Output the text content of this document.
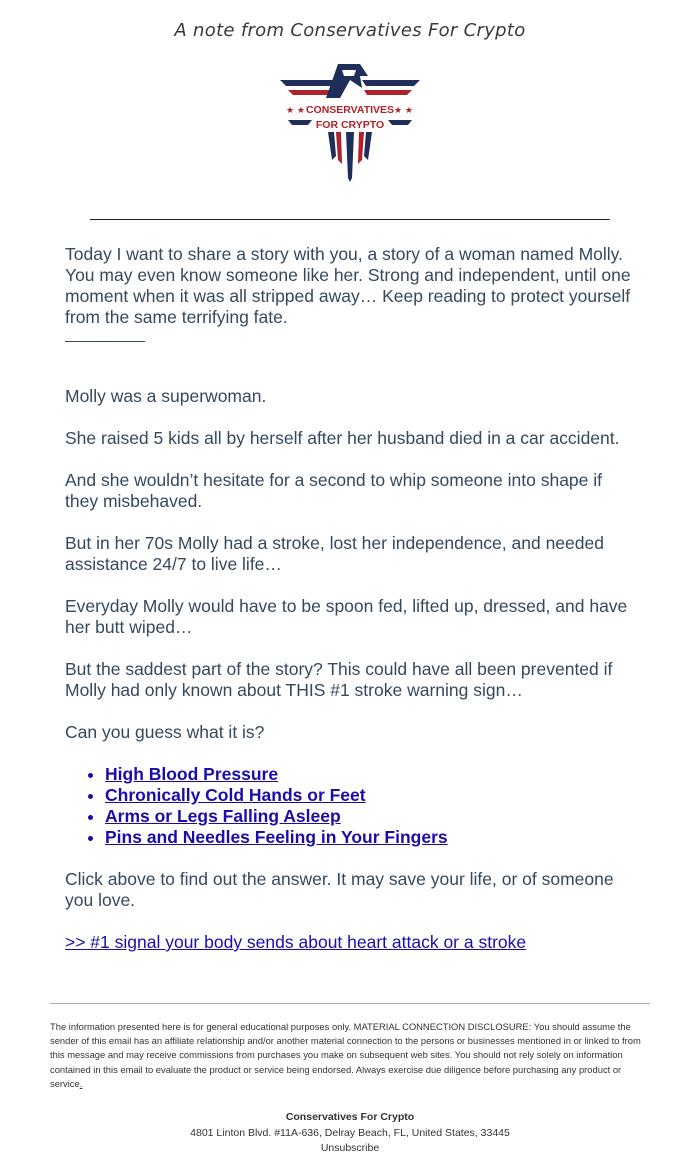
A note from Conservatives For Crypto
★ ★	★ ★
CONSERVATIVES
FOR CRYPTO

Today I want to share a story with you, a story of a woman named Molly. You may even know someone like her. Strong and independent, until one moment when it was all stripped away… Keep reading to protect yourself from the same terrifying fate.

Molly was a superwoman.

She raised 5 kids all by herself after her husband died in a car accident.

And she wouldn’t hesitate for a second to whip someone into shape if they misbehaved.

But in her 70s Molly had a stroke, lost her independence, and needed assistance 24/7 to live life…

Everyday Molly would have to be spoon fed, lifted up, dressed, and have her butt wiped…

But the saddest part of the story? This could have all been prevented if Molly had only known about THIS #1 stroke warning sign…

Can you guess what it is?

• High Blood Pressure
• Chronically Cold Hands or Feet
• Arms or Legs Falling Asleep
• Pins and Needles Feeling in Your Fingers

Click above to find out the answer. It may save your life, or of someone you love.

>> #1 signal your body sends about heart attack or a stroke

The information presented here is for general educational purposes only. MATERIAL CONNECTION DISCLOSURE: You should assume the sender of this email has an affiliate relationship and/or another material connection to the persons or businesses mentioned in or linked to from this message and may receive commissions from purchases you make on subsequent web sites. You should not rely solely on information contained in this email to evaluate the product or service being endorsed. Always exercise due diligence before purchasing any product or service.
Conservatives For Crypto
4801 Linton Blvd. #11A-636, Delray Beach, FL, United States, 33445
Unsubscribe
